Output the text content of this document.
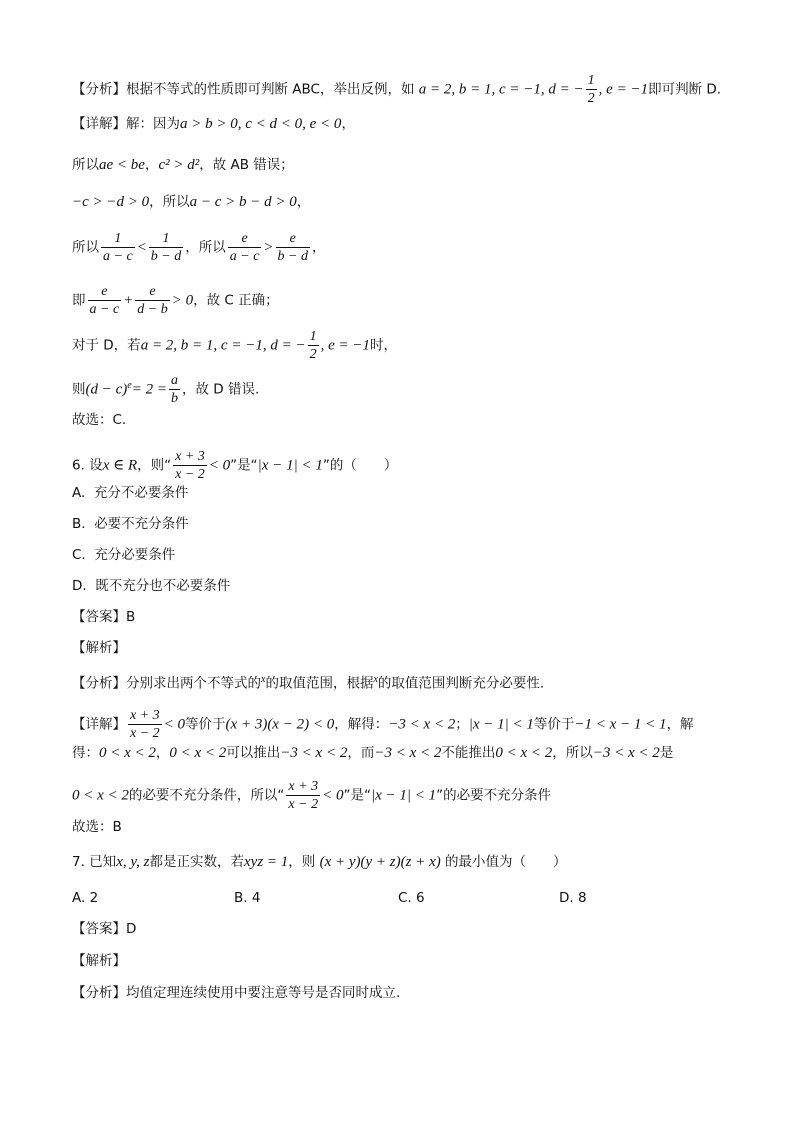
【分析】根据不等式的性质即可判断 ABC，举出反例，如 a = 2, b = 1, c = −1, d = − $\frac{1}{2}$ , e = −1即可判断 D.
【详解】解：因为a > b > 0, c < d < 0, e < 0，
所以ae < be，c² > d²，故 AB 错误；
−c > −d > 0，所以a − c > b − d > 0，
所以 $\frac{1}{a - c} < \frac{1}{b - d}$ ，所以 $\frac{e}{a - c} > \frac{e}{b - d}$ ，
即 $\frac{e}{a - c} + \frac{e}{d - b} > 0$，故 C 正确；
对于 D，若a = 2, b = 1, c = −1, d = − $\frac{1}{2}$ , e = −1时，
则$(d - c)^e= 2 = \frac{a}{b}$ ，故 D 错误.
故选：C.
6. 设x ∈ R，则“ $\frac{x + 3}{x - 2} < 0$”是“|x − 1| < 1”的（　　）
A. 充分不必要条件
B. 必要不充分条件
C. 充分必要条件
D. 既不充分也不必要条件
【答案】B
【解析】
【分析】分别求出两个不等式的$^x$的取值范围，根据$^x$的取值范围判断充分必要性.
【详解】 $\frac{x + 3}{x - 2} < 0$等价于(x + 3)(x − 2) < 0，解得：−3 < x < 2；|x − 1| < 1等价于−1 < x − 1 < 1，解
得：0 < x < 2，0 < x < 2可以推出−3 < x < 2，而−3 < x < 2不能推出0 < x < 2，所以−3 < x < 2是
0 < x < 2的必要不充分条件，所以“ $\frac{x + 3}{x - 2} < 0$”是“|x − 1| < 1”的必要不充分条件
故选：B
7. 已知x, y, z都是正实数，若xyz = 1，则 (x + y)(y + z)(z + x) 的最小值为（　　）
A. 2	B. 4	C. 6	D. 8
【答案】D
【解析】
【分析】均值定理连续使用中要注意等号是否同时成立.
